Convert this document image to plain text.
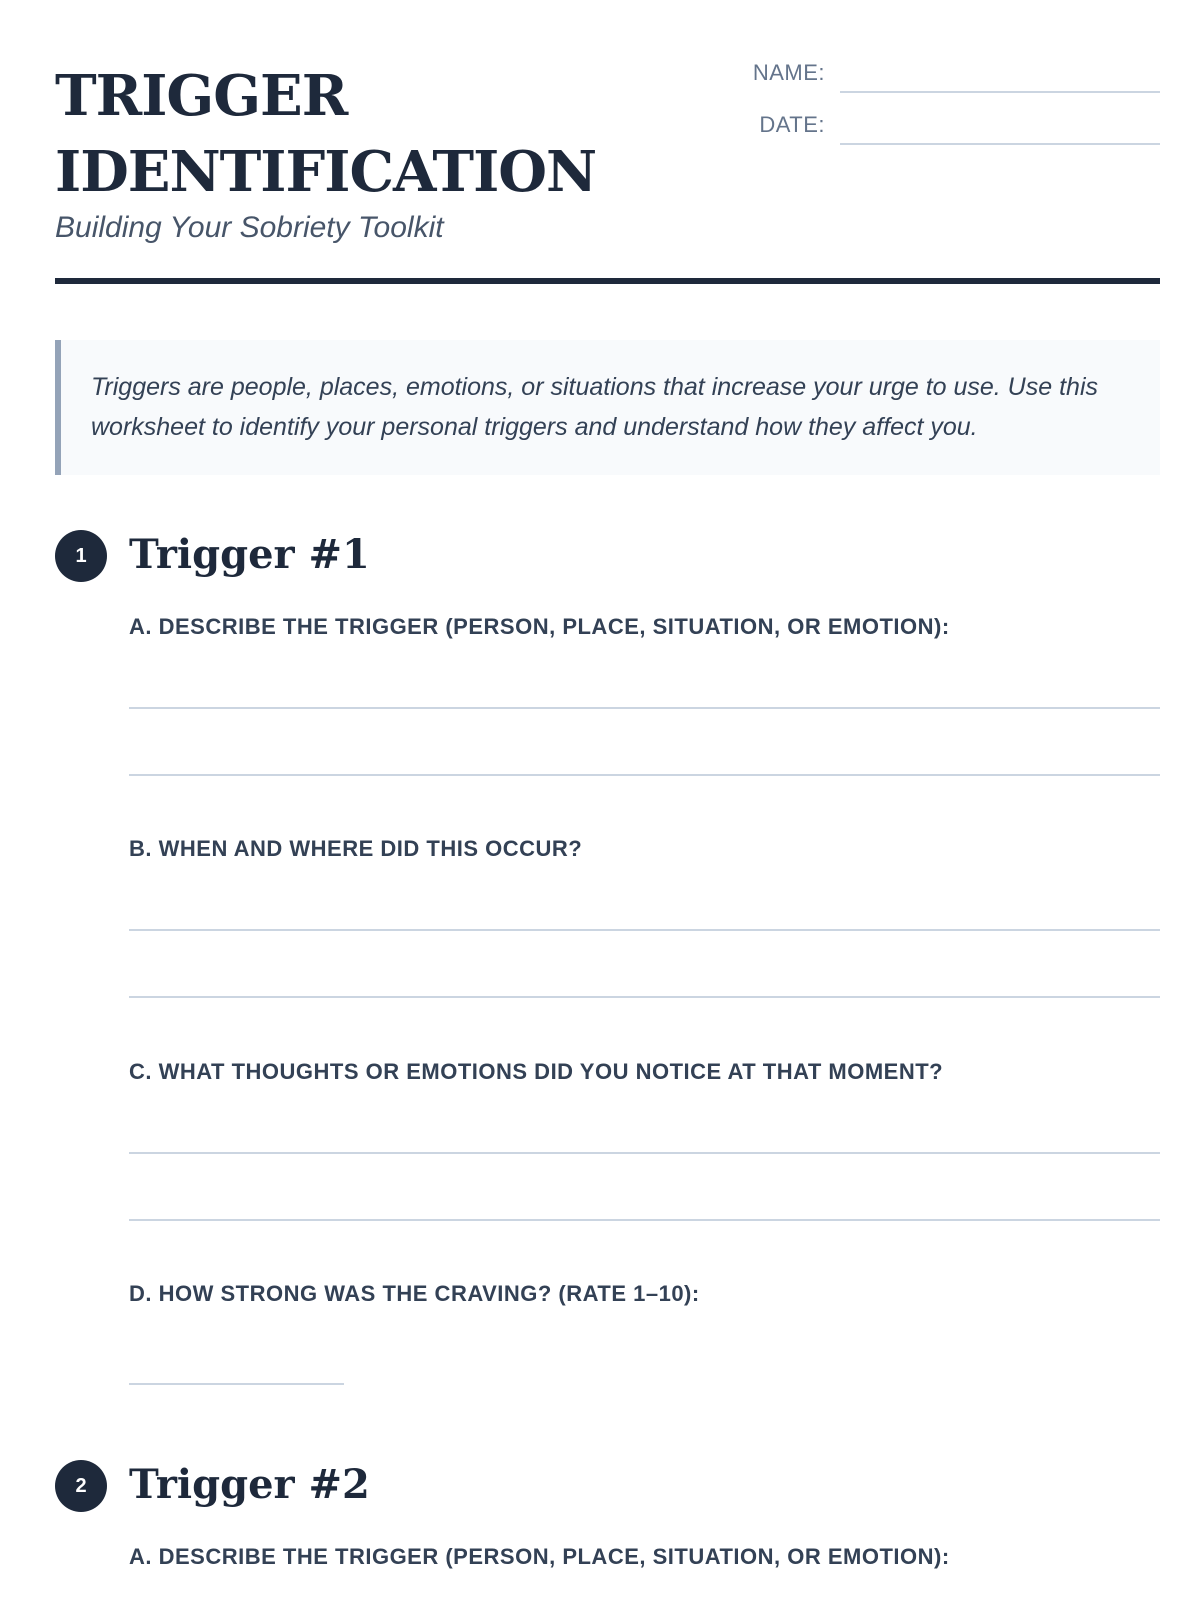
TRIGGER
IDENTIFICATION
Building Your Sobriety Toolkit
NAME:
DATE:

Triggers are people, places, emotions, or situations that increase your urge to use. Use this worksheet to identify your personal triggers and understand how they affect you.

1	Trigger #1
A. DESCRIBE THE TRIGGER (PERSON, PLACE, SITUATION, OR EMOTION):
B. WHEN AND WHERE DID THIS OCCUR?
C. WHAT THOUGHTS OR EMOTIONS DID YOU NOTICE AT THAT MOMENT?
D. HOW STRONG WAS THE CRAVING? (RATE 1–10):
2	Trigger #2
A. DESCRIBE THE TRIGGER (PERSON, PLACE, SITUATION, OR EMOTION):
